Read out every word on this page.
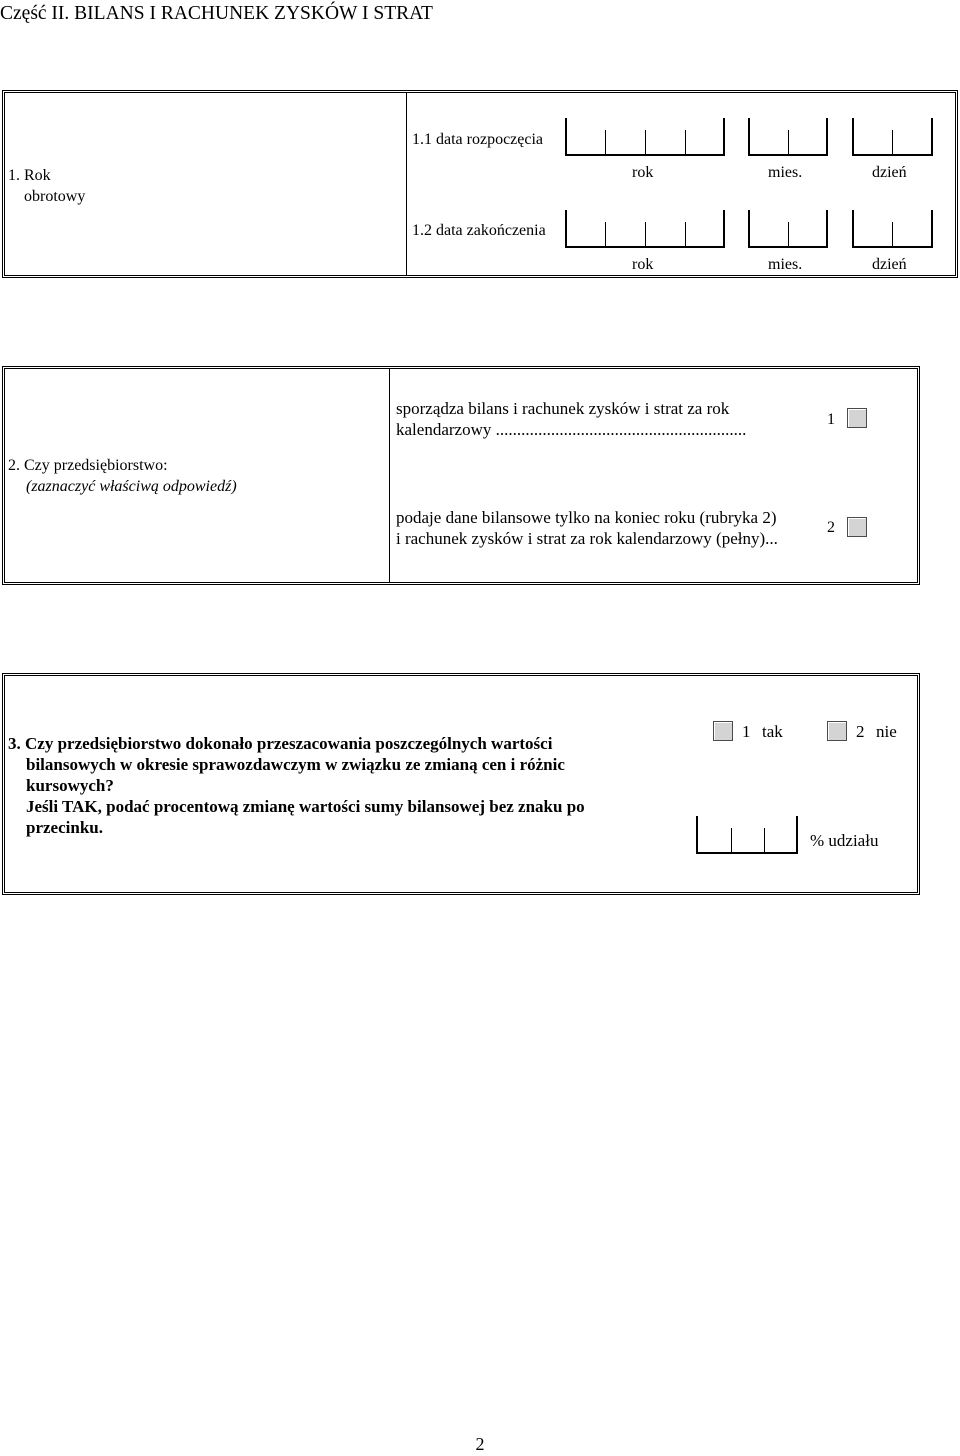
Część II. BILANS I RACHUNEK ZYSKÓW I STRAT
1. Rok
obrotowy
1.1 data rozpoczęcia
rok	mies.	dzień
1.2 data zakończenia
rok	mies.	dzień
2. Czy przedsiębiorstwo:
(zaznaczyć właściwą odpowiedź)
sporządza bilans i rachunek zysków i strat za rok
kalendarzowy ...........................................................
1
podaje dane bilansowe tylko na koniec roku (rubryka 2)
i rachunek zysków i strat za rok kalendarzowy (pełny)...
2
3. Czy przedsiębiorstwo dokonało przeszacowania poszczególnych wartości
bilansowych w okresie sprawozdawczym w związku ze zmianą cen i różnic
kursowych?
Jeśli TAK, podać procentową zmianę wartości sumy bilansowej bez znaku po
przecinku.
1 tak	2 nie
% udziału
2
